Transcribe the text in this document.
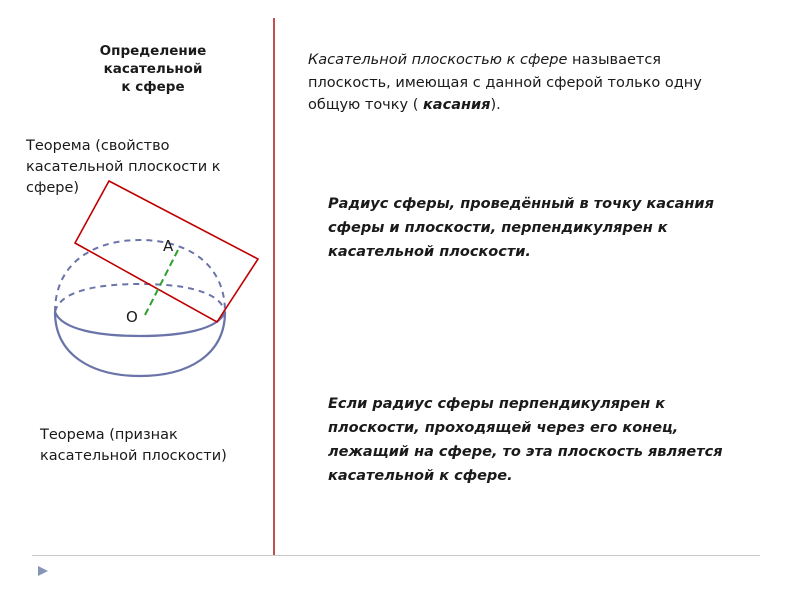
Определение
касательной
к сфере
Теорема (свойство
касательной плоскости к
сфере)
Теорема (признак
касательной плоскости)
Касательной плоскостью к сфере называется
плоскость, имеющая с данной сферой только одну
общую точку ( касания).
Радиус сферы, проведённый в точку касания
сферы и плоскости, перпендикулярен к
касательной плоскости.
Если радиус сферы перпендикулярен к
плоскости, проходящей через его конец,
лежащий на сфере, то эта плоскость является
касательной к сфере.
A
O
